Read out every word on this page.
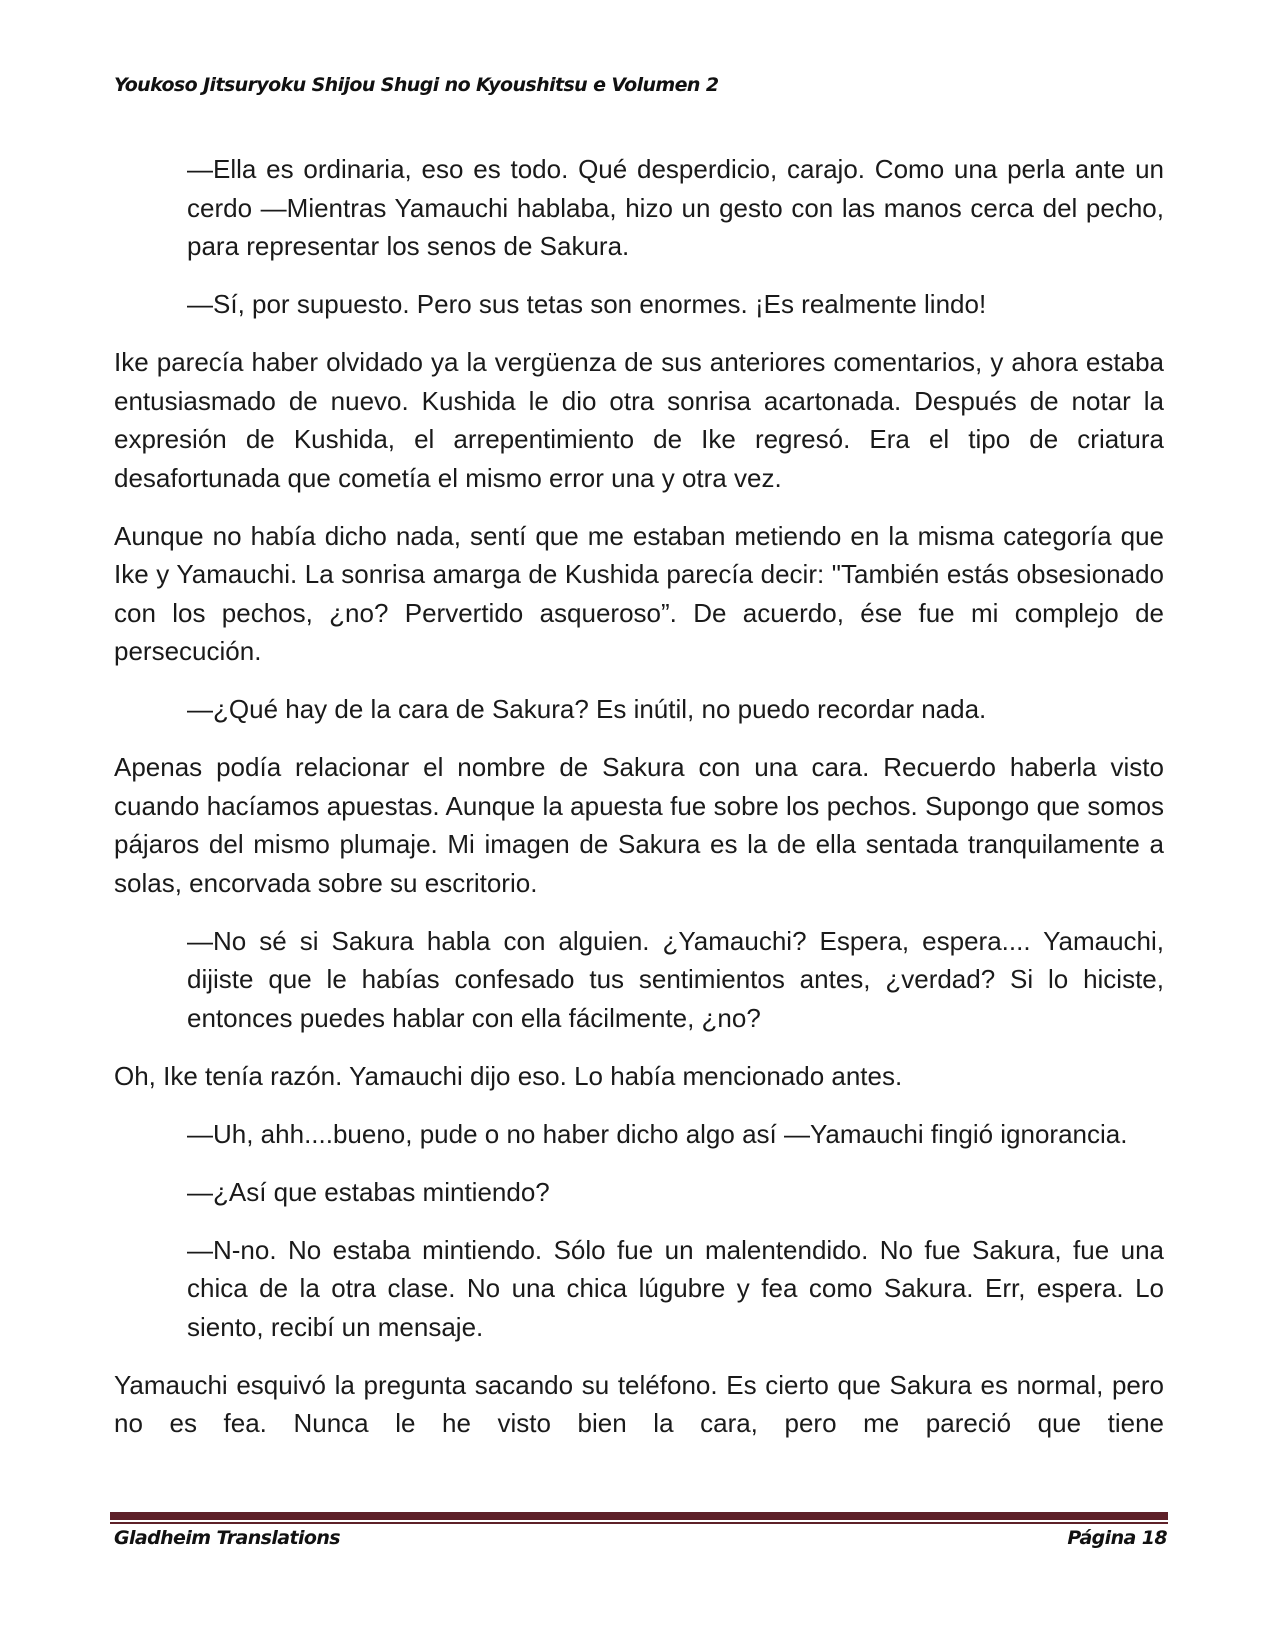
Youkoso Jitsuryoku Shijou Shugi no Kyoushitsu e Volumen 2

—Ella es ordinaria, eso es todo. Qué desperdicio, carajo. Como una perla ante un cerdo —Mientras Yamauchi hablaba, hizo un gesto con las manos cerca del pecho, para representar los senos de Sakura.

—Sí, por supuesto. Pero sus tetas son enormes. ¡Es realmente lindo!

Ike parecía haber olvidado ya la vergüenza de sus anteriores comentarios, y ahora estaba entusiasmado de nuevo. Kushida le dio otra sonrisa acartonada. Después de notar la expresión de Kushida, el arrepentimiento de Ike regresó. Era el tipo de criatura desafortunada que cometía el mismo error una y otra vez.

Aunque no había dicho nada, sentí que me estaban metiendo en la misma categoría que Ike y Yamauchi. La sonrisa amarga de Kushida parecía decir: "También estás obsesionado con los pechos, ¿no? Pervertido asqueroso”. De acuerdo, ése fue mi complejo de persecución.

—¿Qué hay de la cara de Sakura? Es inútil, no puedo recordar nada.

Apenas podía relacionar el nombre de Sakura con una cara. Recuerdo haberla visto cuando hacíamos apuestas. Aunque la apuesta fue sobre los pechos. Supongo que somos pájaros del mismo plumaje. Mi imagen de Sakura es la de ella sentada tranquilamente a solas, encorvada sobre su escritorio.

—No sé si Sakura habla con alguien. ¿Yamauchi? Espera, espera.... Yamauchi, dijiste que le habías confesado tus sentimientos antes, ¿verdad? Si lo hiciste, entonces puedes hablar con ella fácilmente, ¿no?

Oh, Ike tenía razón. Yamauchi dijo eso. Lo había mencionado antes.

—Uh, ahh....bueno, pude o no haber dicho algo así —Yamauchi fingió ignorancia.

—¿Así que estabas mintiendo?

—N-no. No estaba mintiendo. Sólo fue un malentendido. No fue Sakura, fue una chica de la otra clase. No una chica lúgubre y fea como Sakura. Err, espera. Lo siento, recibí un mensaje.

Yamauchi esquivó la pregunta sacando su teléfono. Es cierto que Sakura es normal, pero no es fea. Nunca le he visto bien la cara, pero me pareció que tiene

Gladheim Translations	Página 18
